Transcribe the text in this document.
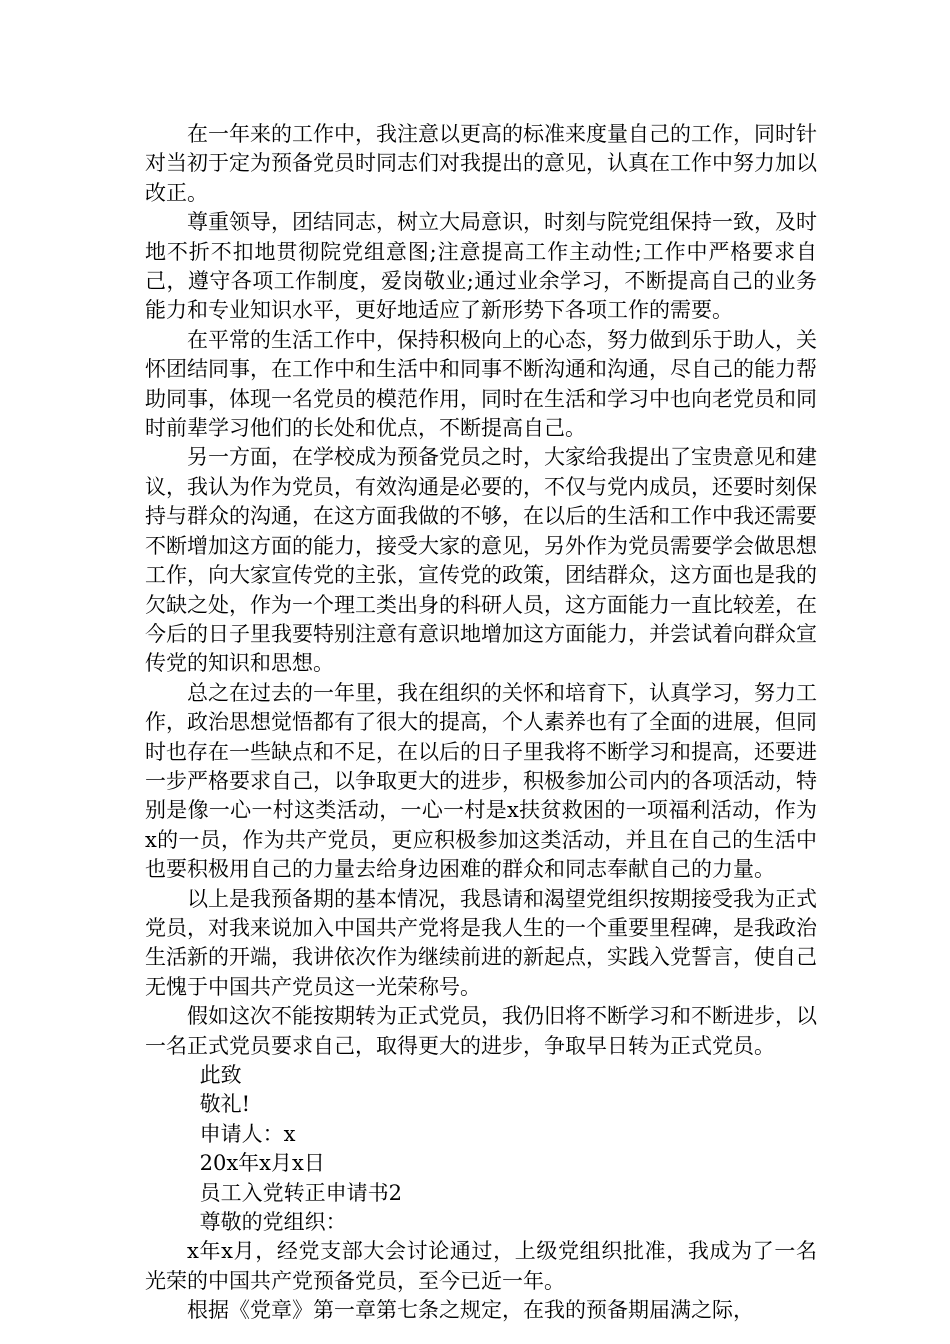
在一年来的工作中，我注意以更高的标准来度量自己的工作，同时针对当初于定为预备党员时同志们对我提出的意见，认真在工作中努力加以改正。

尊重领导，团结同志，树立大局意识，时刻与院党组保持一致，及时地不折不扣地贯彻院党组意图;注意提高工作主动性;工作中严格要求自己，遵守各项工作制度，爱岗敬业;通过业余学习，不断提高自己的业务能力和专业知识水平，更好地适应了新形势下各项工作的需要。

在平常的生活工作中，保持积极向上的心态，努力做到乐于助人，关怀团结同事，在工作中和生活中和同事不断沟通和沟通，尽自己的能力帮助同事，体现一名党员的模范作用，同时在生活和学习中也向老党员和同时前辈学习他们的长处和优点，不断提高自己。

另一方面，在学校成为预备党员之时，大家给我提出了宝贵意见和建议，我认为作为党员，有效沟通是必要的，不仅与党内成员，还要时刻保持与群众的沟通，在这方面我做的不够，在以后的生活和工作中我还需要不断增加这方面的能力，接受大家的意见，另外作为党员需要学会做思想工作，向大家宣传党的主张，宣传党的政策，团结群众，这方面也是我的欠缺之处，作为一个理工类出身的科研人员，这方面能力一直比较差，在今后的日子里我要特别注意有意识地增加这方面能力，并尝试着向群众宣传党的知识和思想。

总之在过去的一年里，我在组织的关怀和培育下，认真学习，努力工作，政治思想觉悟都有了很大的提高，个人素养也有了全面的进展，但同时也存在一些缺点和不足，在以后的日子里我将不断学习和提高，还要进一步严格要求自己，以争取更大的进步，积极参加公司内的各项活动，特别是像一心一村这类活动，一心一村是x扶贫救困的一项福利活动，作为x的一员，作为共产党员，更应积极参加这类活动，并且在自己的生活中也要积极用自己的力量去给身边困难的群众和同志奉献自己的力量。

以上是我预备期的基本情况，我恳请和渴望党组织按期接受我为正式党员，对我来说加入中国共产党将是我人生的一个重要里程碑，是我政治生活新的开端，我讲依次作为继续前进的新起点，实践入党誓言，使自己无愧于中国共产党员这一光荣称号。

假如这次不能按期转为正式党员，我仍旧将不断学习和不断进步，以一名正式党员要求自己，取得更大的进步，争取早日转为正式党员。

此致

敬礼!

申请人：x

20x年x月x日

员工入党转正申请书2

尊敬的党组织：

x年x月，经党支部大会讨论通过，上级党组织批准，我成为了一名光荣的中国共产党预备党员，至今已近一年。

根据《党章》第一章第七条之规定，在我的预备期届满之际，
